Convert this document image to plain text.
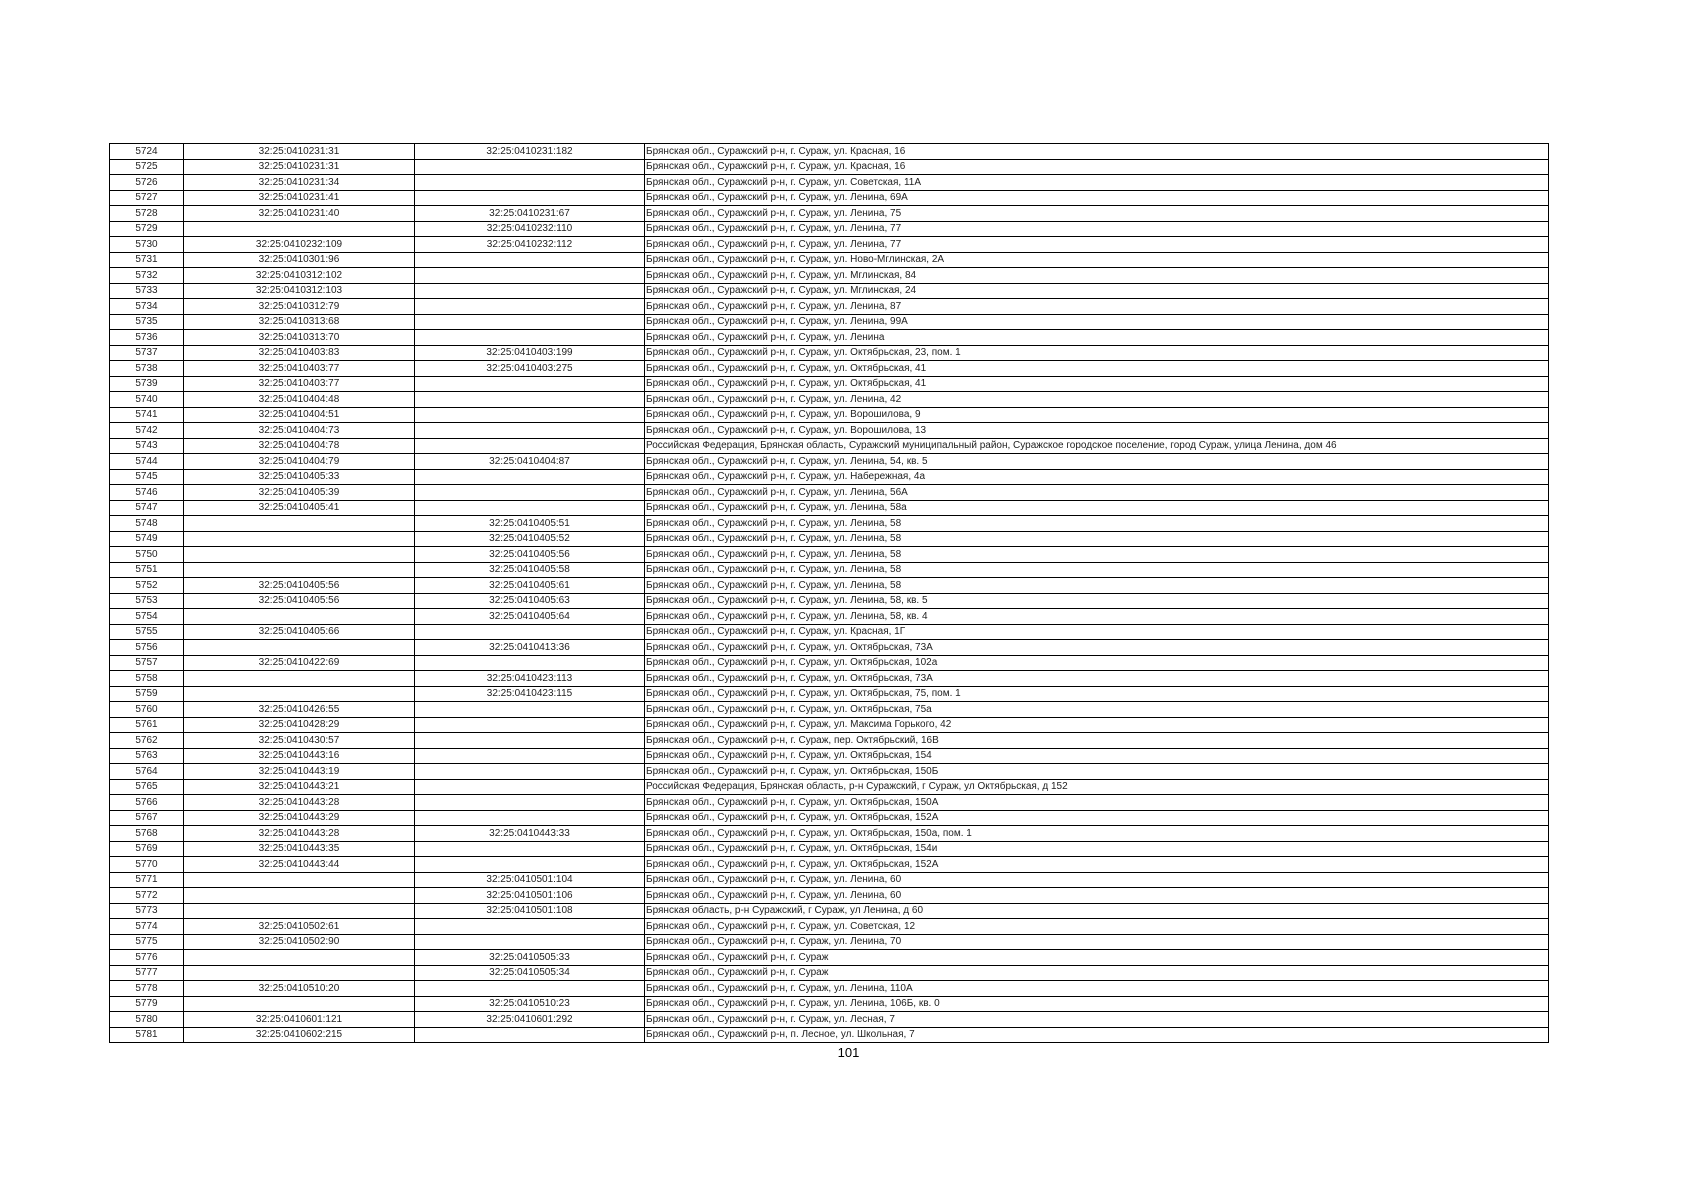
5724	32:25:0410231:31	32:25:0410231:182	Брянская обл., Суражский р-н, г. Сураж, ул. Красная, 16
5725	32:25:0410231:31		Брянская обл., Суражский р-н, г. Сураж, ул. Красная, 16
5726	32:25:0410231:34		Брянская обл., Суражский р-н, г. Сураж, ул. Советская, 11А
5727	32:25:0410231:41		Брянская обл., Суражский р-н, г. Сураж, ул. Ленина, 69А
5728	32:25:0410231:40	32:25:0410231:67	Брянская обл., Суражский р-н, г. Сураж, ул. Ленина, 75
5729		32:25:0410232:110	Брянская обл., Суражский р-н, г. Сураж, ул. Ленина, 77
5730	32:25:0410232:109	32:25:0410232:112	Брянская обл., Суражский р-н, г. Сураж, ул. Ленина, 77
5731	32:25:0410301:96		Брянская обл., Суражский р-н, г. Сураж, ул. Ново-Мглинская, 2А
5732	32:25:0410312:102		Брянская обл., Суражский р-н, г. Сураж, ул. Мглинская, 84
5733	32:25:0410312:103		Брянская обл., Суражский р-н, г. Сураж, ул. Мглинская, 24
5734	32:25:0410312:79		Брянская обл., Суражский р-н, г. Сураж, ул. Ленина, 87
5735	32:25:0410313:68		Брянская обл., Суражский р-н, г. Сураж, ул. Ленина, 99А
5736	32:25:0410313:70		Брянская обл., Суражский р-н, г. Сураж, ул. Ленина
5737	32:25:0410403:83	32:25:0410403:199	Брянская обл., Суражский р-н, г. Сураж, ул. Октябрьская, 23, пом. 1
5738	32:25:0410403:77	32:25:0410403:275	Брянская обл., Суражский р-н, г. Сураж, ул. Октябрьская, 41
5739	32:25:0410403:77		Брянская обл., Суражский р-н, г. Сураж, ул. Октябрьская, 41
5740	32:25:0410404:48		Брянская обл., Суражский р-н, г. Сураж, ул. Ленина, 42
5741	32:25:0410404:51		Брянская обл., Суражский р-н, г. Сураж, ул. Ворошилова, 9
5742	32:25:0410404:73		Брянская обл., Суражский р-н, г. Сураж, ул. Ворошилова, 13
5743	32:25:0410404:78		Российская Федерация, Брянская область, Суражский муниципальный район, Суражское городское поселение, город Сураж, улица Ленина, дом 46
5744	32:25:0410404:79	32:25:0410404:87	Брянская обл., Суражский р-н, г. Сураж, ул. Ленина, 54, кв. 5
5745	32:25:0410405:33		Брянская обл., Суражский р-н, г. Сураж, ул. Набережная, 4а
5746	32:25:0410405:39		Брянская обл., Суражский р-н, г. Сураж, ул. Ленина, 56А
5747	32:25:0410405:41		Брянская обл., Суражский р-н, г. Сураж, ул. Ленина, 58а
5748		32:25:0410405:51	Брянская обл., Суражский р-н, г. Сураж, ул. Ленина, 58
5749		32:25:0410405:52	Брянская обл., Суражский р-н, г. Сураж, ул. Ленина, 58
5750		32:25:0410405:56	Брянская обл., Суражский р-н, г. Сураж, ул. Ленина, 58
5751		32:25:0410405:58	Брянская обл., Суражский р-н, г. Сураж, ул. Ленина, 58
5752	32:25:0410405:56	32:25:0410405:61	Брянская обл., Суражский р-н, г. Сураж, ул. Ленина, 58
5753	32:25:0410405:56	32:25:0410405:63	Брянская обл., Суражский р-н, г. Сураж, ул. Ленина, 58, кв. 5
5754		32:25:0410405:64	Брянская обл., Суражский р-н, г. Сураж, ул. Ленина, 58, кв. 4
5755	32:25:0410405:66		Брянская обл., Суражский р-н, г. Сураж, ул. Красная, 1Г
5756		32:25:0410413:36	Брянская обл., Суражский р-н, г. Сураж, ул. Октябрьская, 73А
5757	32:25:0410422:69		Брянская обл., Суражский р-н, г. Сураж, ул. Октябрьская, 102а
5758		32:25:0410423:113	Брянская обл., Суражский р-н, г. Сураж, ул. Октябрьская, 73А
5759		32:25:0410423:115	Брянская обл., Суражский р-н, г. Сураж, ул. Октябрьская, 75, пом. 1
5760	32:25:0410426:55		Брянская обл., Суражский р-н, г. Сураж, ул. Октябрьская, 75а
5761	32:25:0410428:29		Брянская обл., Суражский р-н, г. Сураж, ул. Максима Горького, 42
5762	32:25:0410430:57		Брянская обл., Суражский р-н, г. Сураж, пер. Октябрьский, 16В
5763	32:25:0410443:16		Брянская обл., Суражский р-н, г. Сураж, ул. Октябрьская, 154
5764	32:25:0410443:19		Брянская обл., Суражский р-н, г. Сураж, ул. Октябрьская, 150Б
5765	32:25:0410443:21		Российская Федерация, Брянская область, р-н Суражский, г Сураж, ул Октябрьская, д 152
5766	32:25:0410443:28		Брянская обл., Суражский р-н, г. Сураж, ул. Октябрьская, 150А
5767	32:25:0410443:29		Брянская обл., Суражский р-н, г. Сураж, ул. Октябрьская, 152А
5768	32:25:0410443:28	32:25:0410443:33	Брянская обл., Суражский р-н, г. Сураж, ул. Октябрьская, 150а, пом. 1
5769	32:25:0410443:35		Брянская обл., Суражский р-н, г. Сураж, ул. Октябрьская, 154и
5770	32:25:0410443:44		Брянская обл., Суражский р-н, г. Сураж, ул. Октябрьская, 152А
5771		32:25:0410501:104	Брянская обл., Суражский р-н, г. Сураж, ул. Ленина, 60
5772		32:25:0410501:106	Брянская обл., Суражский р-н, г. Сураж, ул. Ленина, 60
5773		32:25:0410501:108	Брянская область, р-н Суражский, г Сураж, ул Ленина, д 60
5774	32:25:0410502:61		Брянская обл., Суражский р-н, г. Сураж, ул. Советская, 12
5775	32:25:0410502:90		Брянская обл., Суражский р-н, г. Сураж, ул. Ленина, 70
5776		32:25:0410505:33	Брянская обл., Суражский р-н, г. Сураж
5777		32:25:0410505:34	Брянская обл., Суражский р-н, г. Сураж
5778	32:25:0410510:20		Брянская обл., Суражский р-н, г. Сураж, ул. Ленина, 110А
5779		32:25:0410510:23	Брянская обл., Суражский р-н, г. Сураж, ул. Ленина, 106Б, кв. 0
5780	32:25:0410601:121	32:25:0410601:292	Брянская обл., Суражский р-н, г. Сураж, ул. Лесная, 7
5781	32:25:0410602:215		Брянская обл., Суражский р-н, п. Лесное, ул. Школьная, 7
101
